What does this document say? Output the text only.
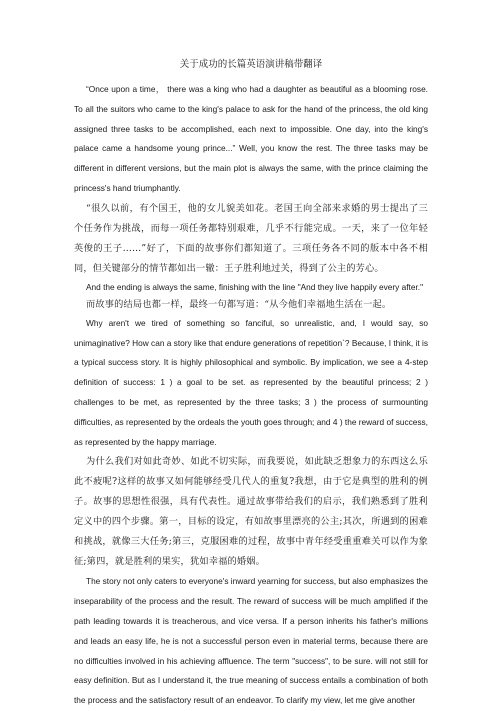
关于成功的长篇英语演讲稿带翻译

“Once upon a time， there was a king who had a daughter as beautiful as a blooming rose. To all the suitors who came to the king's palace to ask for the hand of the princess, the old king assigned three tasks to be accomplished, each next to impossible. One day, into the king's palace came a handsome young prince...” Well, you know the rest. The three tasks may be different in different versions, but the main plot is always the same, with the prince claiming the princess's hand triumphantly.

“很久以前，有个国王，他的女儿貌美如花。老国王向全部来求婚的男士提出了三个任务作为挑战，而每一项任务都特别艰难，几乎不行能完成。一天，来了一位年轻英俊的王子……”好了，下面的故事你们都知道了。三项任务各不同的版本中各不相同，但关键部分的情节都如出一辙：王子胜利地过关，得到了公主的芳心。

And the ending is always the same, finishing with the line "And they live happily every after."

而故事的结局也都一样，最终一句都写道：“从今他们幸福地生活在一起。

Why aren't we tired of something so fanciful, so unrealistic, and, I would say, so unimaginative? How can a story like that endure generations of repetition`? Because, I think, it is a typical success story. It is highly philosophical and symbolic. By implication, we see a 4-step definition of success: 1 ) a goal to be set. as represented by the beautiful princess; 2 ) challenges to be met, as represented by the three tasks; 3 ) the process of surmounting difficulties, as represented by the ordeals the youth goes through; and 4 ) the reward of success, as represented by the happy marriage.

为什么我们对如此奇妙、如此不切实际，而我要说，如此缺乏想象力的东西这么乐此不疲呢?这样的故事又如何能够经受几代人的重复?我想，由于它是典型的胜利的例子。故事的思想性很强，具有代表性。通过故事带给我们的启示，我们熟悉到了胜利定义中的四个步骤。第一，目标的设定，有如故事里漂亮的公主;其次，所遇到的困难和挑战，就像三大任务;第三，克服困难的过程，故事中青年经受重重难关可以作为象征;第四，就是胜利的果实，犹如幸福的婚姻。

The story not only caters to everyone's inward yearning for success, but also emphasizes the inseparability of the process and the result. The reward of success will be much amplified if the path leading towards it is treacherous, and vice versa. If a person inherits his father's millions and leads an easy life, he is not a successful person even in material terms, because there are no difficulties involved in his achieving affluence. The term "success", to be sure. will not still for easy definition. But as I understand it, the true meaning of success entails a combination of both the process and the satisfactory result of an endeavor. To clarify my view, let me give another
